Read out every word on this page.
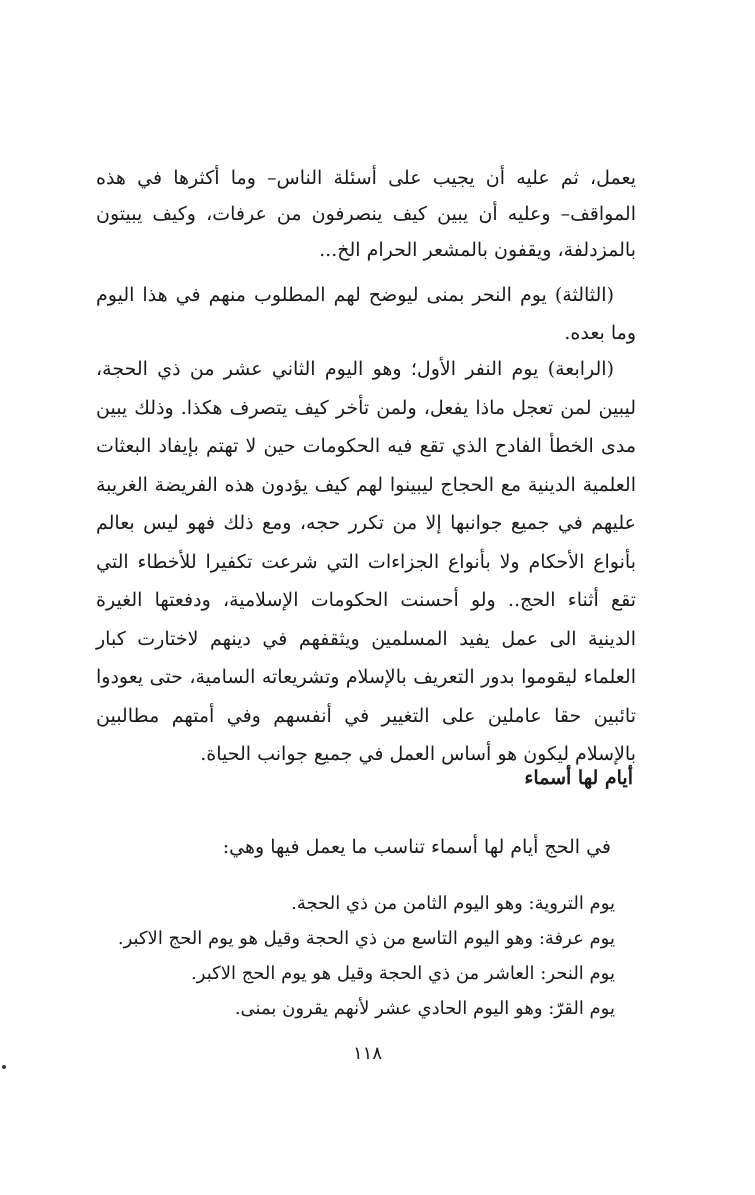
يعمل، ثم عليه أن يجيب على أسئلة الناس– وما أكثرها في هذه المواقف– وعليه أن يبين كيف ينصرفون من عرفات، وكيف يبيتون بالمزدلفة، ويقفون بالمشعر الحرام الخ...

(الثالثة) يوم النحر بمنى ليوضح لهم المطلوب منهم في هذا اليوم وما بعده.

(الرابعة) يوم النفر الأول؛ وهو اليوم الثاني عشر من ذي الحجة، ليبين لمن تعجل ماذا يفعل، ولمن تأخر كيف يتصرف هكذا. وذلك يبين مدى الخطأ الفادح الذي تقع فيه الحكومات حين لا تهتم بإيفاد البعثات العلمية الدينية مع الحجاج ليبينوا لهم كيف يؤدون هذه الفريضة الغريبة عليهم في جميع جوانبها إلا من تكرر حجه، ومع ذلك فهو ليس بعالم بأنواع الأحكام ولا بأنواع الجزاءات التي شرعت تكفيرا للأخطاء التي تقع أثناء الحج.. ولو أحسنت الحكومات الإسلامية، ودفعتها الغيرة الدينية الى عمل يفيد المسلمين ويثقفهم في دينهم لاختارت كبار العلماء ليقوموا بدور التعريف بالإسلام وتشريعاته السامية، حتى يعودوا تائبين حقا عاملين على التغيير في أنفسهم وفي أمتهم مطالبين بالإسلام ليكون هو أساس العمل في جميع جوانب الحياة.

أيام لها أسماء

في الحج أيام لها أسماء تناسب ما يعمل فيها وهي:

يوم التروية: وهو اليوم الثامن من ذي الحجة.
يوم عرفة: وهو اليوم التاسع من ذي الحجة وقيل هو يوم الحج الاكبر.
يوم النحر: العاشر من ذي الحجة وقيل هو يوم الحج الاكبر.
يوم القرّ: وهو اليوم الحادي عشر لأنهم يقرون بمنى.
١١٨
